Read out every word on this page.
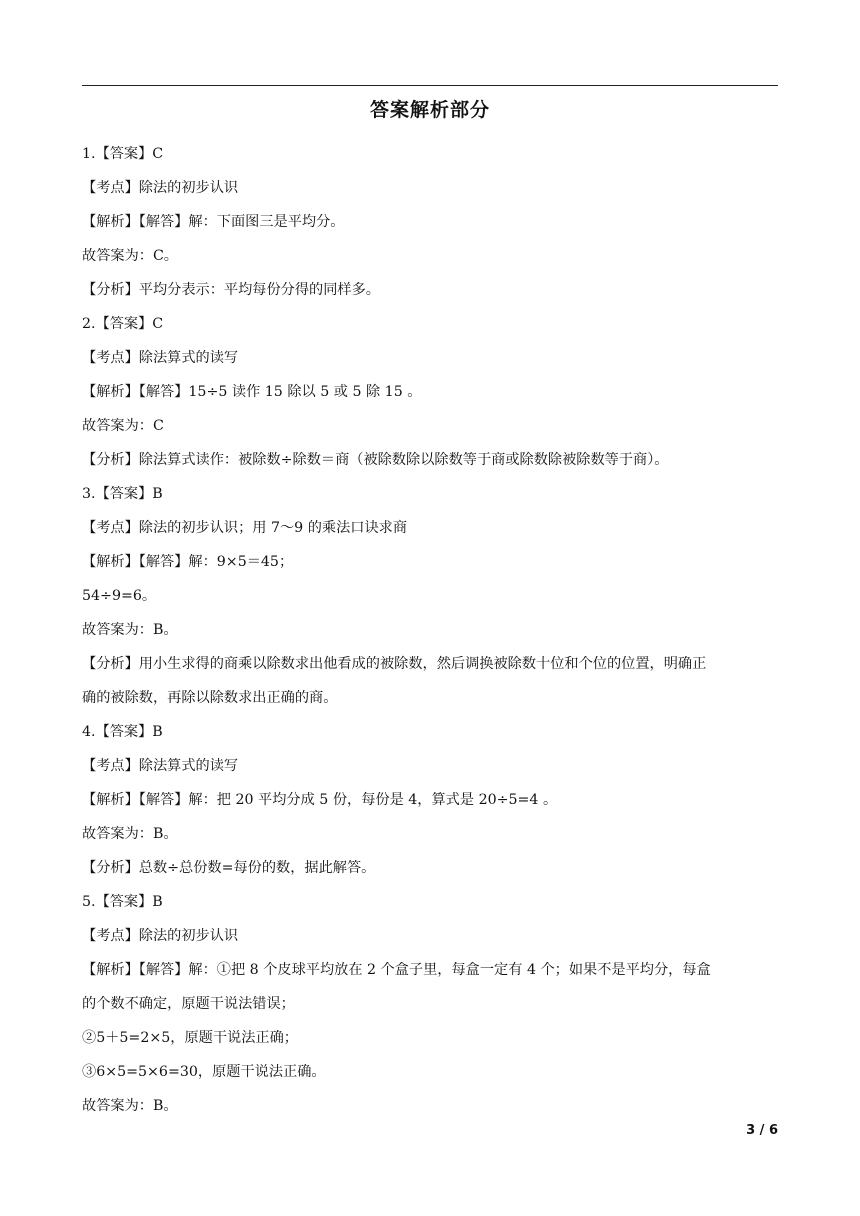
答案解析部分
1.【答案】C
【考点】除法的初步认识
【解析】【解答】解：下面图三是平均分。
故答案为：C。
【分析】平均分表示：平均每份分得的同样多。
2.【答案】C
【考点】除法算式的读写
【解析】【解答】15÷5 读作 15 除以 5 或 5 除 15 。
故答案为：C
【分析】除法算式读作：被除数÷除数＝商（被除数除以除数等于商或除数除被除数等于商）。
3.【答案】B
【考点】除法的初步认识；用 7～9 的乘法口诀求商
【解析】【解答】解：9×5＝45；
54÷9=6。
故答案为：B。
【分析】用小生求得的商乘以除数求出他看成的被除数，然后调换被除数十位和个位的位置，明确正
确的被除数，再除以除数求出正确的商。
4.【答案】B
【考点】除法算式的读写
【解析】【解答】解：把 20 平均分成 5 份，每份是 4，算式是 20÷5=4 。
故答案为：B。
【分析】总数÷总份数=每份的数，据此解答。
5.【答案】B
【考点】除法的初步认识
【解析】【解答】解：①把 8 个皮球平均放在 2 个盒子里，每盒一定有 4 个；如果不是平均分，每盒
的个数不确定，原题干说法错误；
②5＋5=2×5，原题干说法正确；
③6×5=5×6=30，原题干说法正确。
故答案为：B。
3 / 6
